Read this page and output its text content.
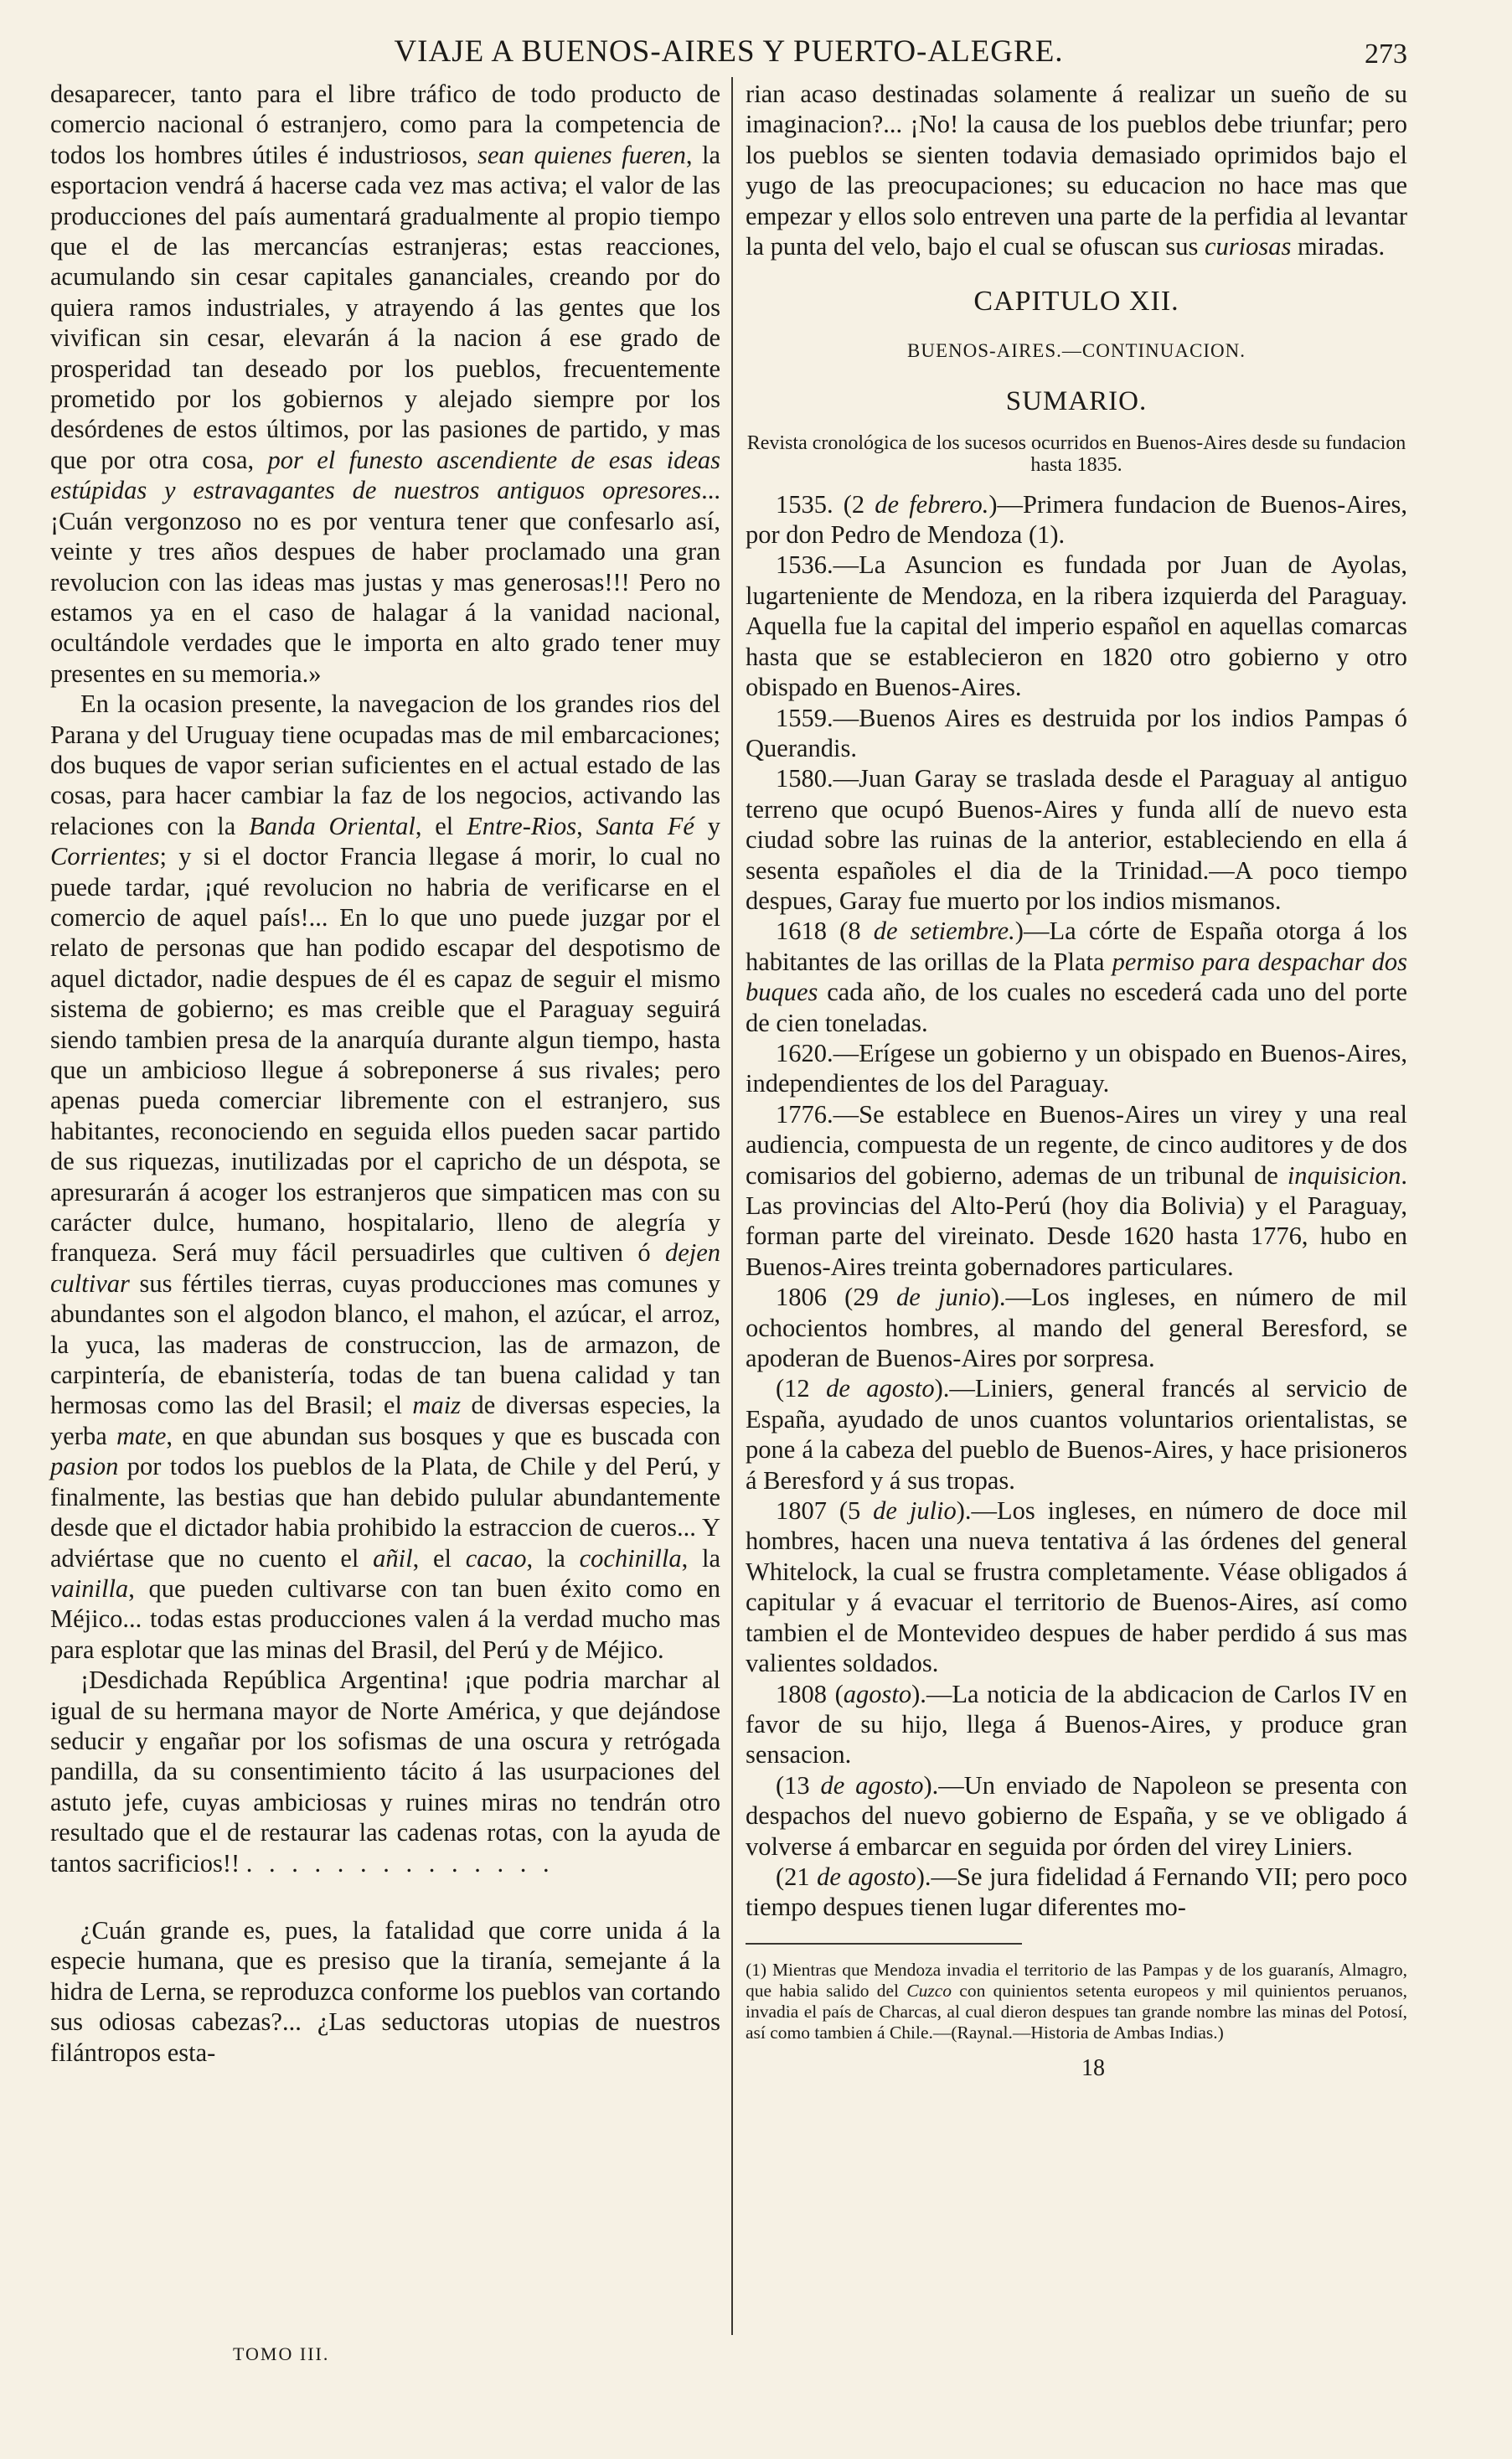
VIAJE A BUENOS-AIRES Y PUERTO-ALEGRE.	273

desaparecer, tanto para el libre tráfico de todo producto de comercio nacional ó estranjero, como para la competencia de todos los hombres útiles é industriosos, sean quienes fueren, la esportacion vendrá á hacerse cada vez mas activa; el valor de las producciones del país aumentará gradualmente al propio tiempo que el de las mercancías estranjeras; estas reacciones, acumulando sin cesar capitales gananciales, creando por do quiera ramos industriales, y atrayendo á las gentes que los vivifican sin cesar, elevarán á la nacion á ese grado de prosperidad tan deseado por los pueblos, frecuentemente prometido por los gobiernos y alejado siempre por los desórdenes de estos últimos, por las pasiones de partido, y mas que por otra cosa, por el funesto ascendiente de esas ideas estúpidas y estravagantes de nuestros antiguos opresores... ¡Cuán vergonzoso no es por ventura tener que confesarlo así, veinte y tres años despues de haber proclamado una gran revolucion con las ideas mas justas y mas generosas!!! Pero no estamos ya en el caso de halagar á la vanidad nacional, ocultándole verdades que le importa en alto grado tener muy presentes en su memoria.»

En la ocasion presente, la navegacion de los grandes rios del Parana y del Uruguay tiene ocupadas mas de mil embarcaciones; dos buques de vapor serian suficientes en el actual estado de las cosas, para hacer cambiar la faz de los negocios, activando las relaciones con la Banda Oriental, el Entre-Rios, Santa Fé y Corrientes; y si el doctor Francia llegase á morir, lo cual no puede tardar, ¡qué revolucion no habria de verificarse en el comercio de aquel país!... En lo que uno puede juzgar por el relato de personas que han podido escapar del despotismo de aquel dictador, nadie despues de él es capaz de seguir el mismo sistema de gobierno; es mas creible que el Paraguay seguirá siendo tambien presa de la anarquía durante algun tiempo, hasta que un ambicioso llegue á sobreponerse á sus rivales; pero apenas pueda comerciar libremente con el estranjero, sus habitantes, reconociendo en seguida ellos pueden sacar partido de sus riquezas, inutilizadas por el capricho de un déspota, se apresurarán á acoger los estranjeros que simpaticen mas con su carácter dulce, humano, hospitalario, lleno de alegría y franqueza. Será muy fácil persuadirles que cultiven ó dejen cultivar sus fértiles tierras, cuyas producciones mas comunes y abundantes son el algodon blanco, el mahon, el azúcar, el arroz, la yuca, las maderas de construccion, las de armazon, de carpintería, de ebanistería, todas de tan buena calidad y tan hermosas como las del Brasil; el maiz de diversas especies, la yerba mate, en que abundan sus bosques y que es buscada con pasion por todos los pueblos de la Plata, de Chile y del Perú, y finalmente, las bestias que han debido pulular abundantemente desde que el dictador habia prohibido la estraccion de cueros... Y adviértase que no cuento el añil, el cacao, la cochinilla, la vainilla, que pueden cultivarse con tan buen éxito como en Méjico... todas estas producciones valen á la verdad mucho mas para esplotar que las minas del Brasil, del Perú y de Méjico.

¡Desdichada República Argentina! ¡que podria marchar al igual de su hermana mayor de Norte América, y que dejándose seducir y engañar por los sofismas de una oscura y retrógada pandilla, da su consentimiento tácito á las usurpaciones del astuto jefe, cuyas ambiciosas y ruines miras no tendrán otro resultado que el de restaurar las cadenas rotas, con la ayuda de tantos sacrificios!! . . . . . . . . . . . . . .

¿Cuán grande es, pues, la fatalidad que corre unida á la especie humana, que es presiso que la tiranía, semejante á la hidra de Lerna, se reproduzca conforme los pueblos van cortando sus odiosas cabezas?... ¿Las seductoras utopias de nuestros filántropos esta-

TOMO III.

rian acaso destinadas solamente á realizar un sueño de su imaginacion?... ¡No! la causa de los pueblos debe triunfar; pero los pueblos se sienten todavia demasiado oprimidos bajo el yugo de las preocupaciones; su educacion no hace mas que empezar y ellos solo entreven una parte de la perfidia al levantar la punta del velo, bajo el cual se ofuscan sus curiosas miradas.

CAPITULO XII.

BUENOS-AIRES.—CONTINUACION.

SUMARIO.

Revista cronológica de los sucesos ocurridos en Buenos-Aires desde su fundacion hasta 1835.

1535. (2 de febrero.)—Primera fundacion de Buenos-Aires, por don Pedro de Mendoza (1).

1536.—La Asuncion es fundada por Juan de Ayolas, lugarteniente de Mendoza, en la ribera izquierda del Paraguay. Aquella fue la capital del imperio español en aquellas comarcas hasta que se establecieron en 1820 otro gobierno y otro obispado en Buenos-Aires.

1559.—Buenos Aires es destruida por los indios Pampas ó Querandis.

1580.—Juan Garay se traslada desde el Paraguay al antiguo terreno que ocupó Buenos-Aires y funda allí de nuevo esta ciudad sobre las ruinas de la anterior, estableciendo en ella á sesenta españoles el dia de la Trinidad.—A poco tiempo despues, Garay fue muerto por los indios mismanos.

1618 (8 de setiembre.)—La córte de España otorga á los habitantes de las orillas de la Plata permiso para despachar dos buques cada año, de los cuales no escederá cada uno del porte de cien toneladas.

1620.—Erígese un gobierno y un obispado en Buenos-Aires, independientes de los del Paraguay.

1776.—Se establece en Buenos-Aires un virey y una real audiencia, compuesta de un regente, de cinco auditores y de dos comisarios del gobierno, ademas de un tribunal de inquisicion. Las provincias del Alto-Perú (hoy dia Bolivia) y el Paraguay, forman parte del vireinato. Desde 1620 hasta 1776, hubo en Buenos-Aires treinta gobernadores particulares.

1806 (29 de junio).—Los ingleses, en número de mil ochocientos hombres, al mando del general Beresford, se apoderan de Buenos-Aires por sorpresa.

(12 de agosto).—Liniers, general francés al servicio de España, ayudado de unos cuantos voluntarios orientalistas, se pone á la cabeza del pueblo de Buenos-Aires, y hace prisioneros á Beresford y á sus tropas.

1807 (5 de julio).—Los ingleses, en número de doce mil hombres, hacen una nueva tentativa á las órdenes del general Whitelock, la cual se frustra completamente. Véase obligados á capitular y á evacuar el territorio de Buenos-Aires, así como tambien el de Montevideo despues de haber perdido á sus mas valientes soldados.

1808 (agosto).—La noticia de la abdicacion de Carlos IV en favor de su hijo, llega á Buenos-Aires, y produce gran sensacion.

(13 de agosto).—Un enviado de Napoleon se presenta con despachos del nuevo gobierno de España, y se ve obligado á volverse á embarcar en seguida por órden del virey Liniers.

(21 de agosto).—Se jura fidelidad á Fernando VII; pero poco tiempo despues tienen lugar diferentes mo-

(1) Mientras que Mendoza invadia el territorio de las Pampas y de los guaranís, Almagro, que habia salido del Cuzco con quinientos setenta europeos y mil quinientos peruanos, invadia el país de Charcas, al cual dieron despues tan grande nombre las minas del Potosí, así como tambien á Chile.—(Raynal.—Historia de Ambas Indias.)

18
